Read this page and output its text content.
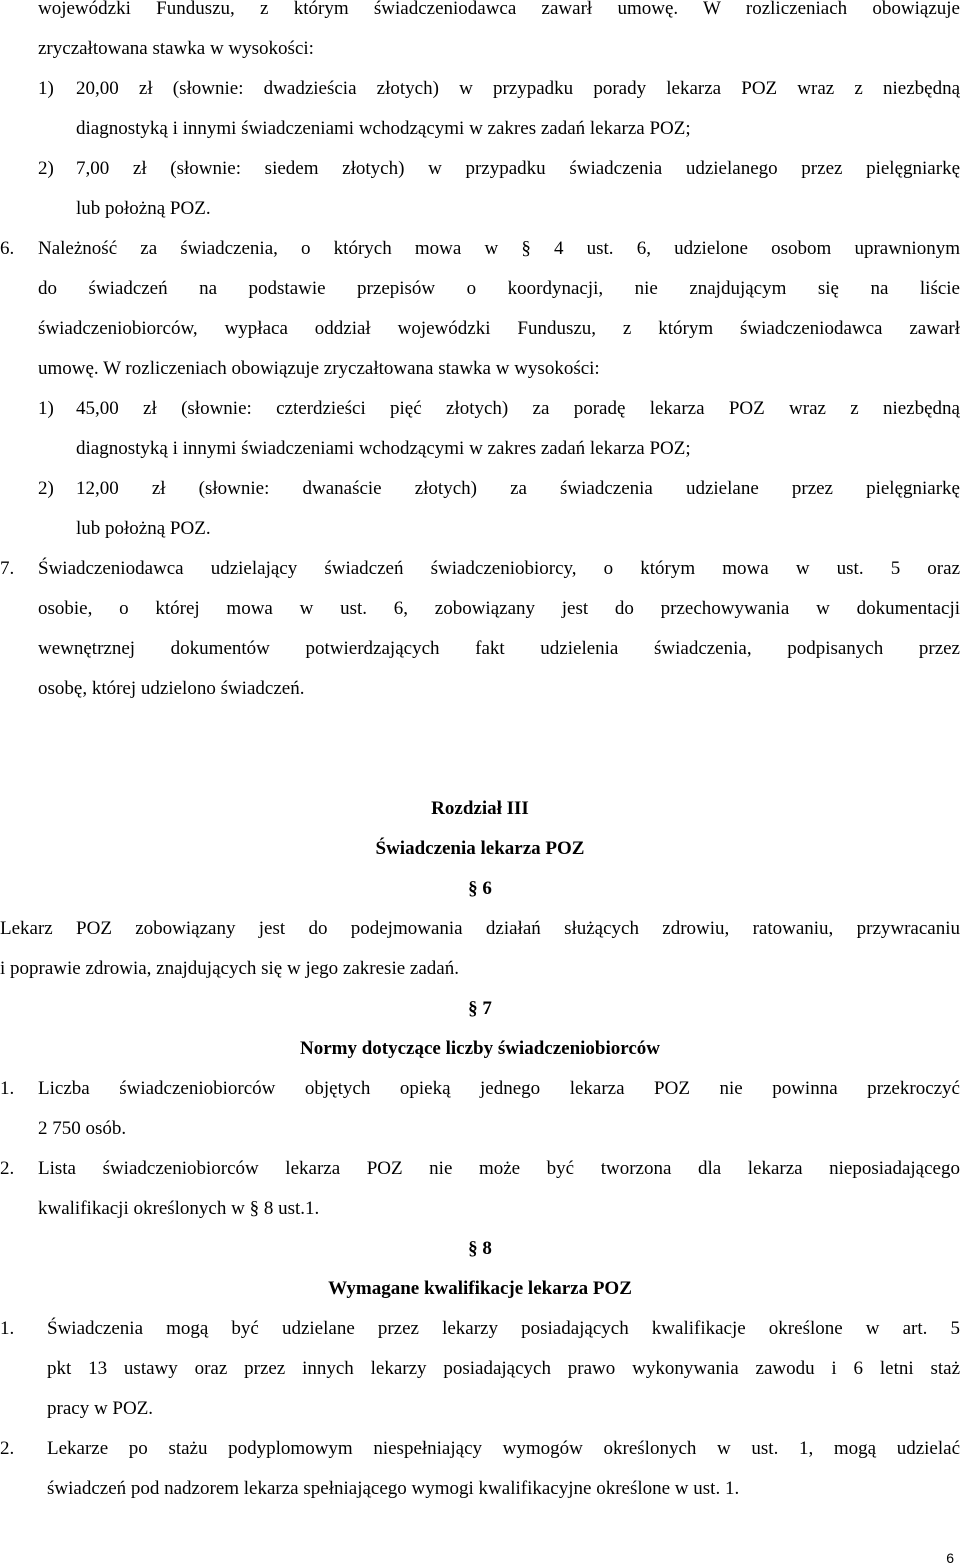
wojewódzki Funduszu, z którym świadczeniodawca zawarł umowę. W rozliczeniach obowiązuje
zryczałtowana stawka w wysokości:
1)	20,00 zł (słownie: dwadzieścia złotych) w przypadku porady lekarza POZ wraz z niezbędną
diagnostyką i innymi świadczeniami wchodzącymi w zakres zadań lekarza POZ;
2)	7,00 zł (słownie: siedem złotych) w przypadku świadczenia udzielanego przez pielęgniarkę
lub położną POZ.
6.	Należność za świadczenia, o których mowa w § 4 ust. 6, udzielone osobom uprawnionym
do świadczeń na podstawie przepisów o koordynacji, nie znajdującym się na liście
świadczeniobiorców, wypłaca oddział wojewódzki Funduszu, z którym świadczeniodawca zawarł
umowę. W rozliczeniach obowiązuje zryczałtowana stawka w wysokości:
1)	45,00 zł (słownie: czterdzieści pięć złotych) za poradę lekarza POZ wraz z niezbędną
diagnostyką i innymi świadczeniami wchodzącymi w zakres zadań lekarza POZ;
2)	12,00 zł (słownie: dwanaście złotych) za świadczenia udzielane przez pielęgniarkę
lub położną POZ.
7.	Świadczeniodawca udzielający świadczeń świadczeniobiorcy, o którym mowa w ust. 5 oraz
osobie, o której mowa w ust. 6, zobowiązany jest do przechowywania w dokumentacji
wewnętrznej dokumentów potwierdzających fakt udzielenia świadczenia, podpisanych przez
osobę, której udzielono świadczeń.
Rozdział III
Świadczenia lekarza POZ
§ 6
Lekarz POZ zobowiązany jest do podejmowania działań służących zdrowiu, ratowaniu, przywracaniu
i poprawie zdrowia, znajdujących się w jego zakresie zadań.
§ 7
Normy dotyczące liczby świadczeniobiorców
1.	Liczba świadczeniobiorców objętych opieką jednego lekarza POZ nie powinna przekroczyć
2 750 osób.
2.	Lista świadczeniobiorców lekarza POZ nie może być tworzona dla lekarza nieposiadającego
kwalifikacji określonych w § 8 ust.1.
§ 8
Wymagane kwalifikacje lekarza POZ
1.	Świadczenia mogą być udzielane przez lekarzy posiadających kwalifikacje określone w art. 5
pkt 13 ustawy oraz przez innych lekarzy posiadających prawo wykonywania zawodu i 6 letni staż
pracy w POZ.
2.	Lekarze po stażu podyplomowym niespełniający wymogów określonych w ust. 1, mogą udzielać
świadczeń pod nadzorem lekarza spełniającego wymogi kwalifikacyjne określone w ust. 1.
6
